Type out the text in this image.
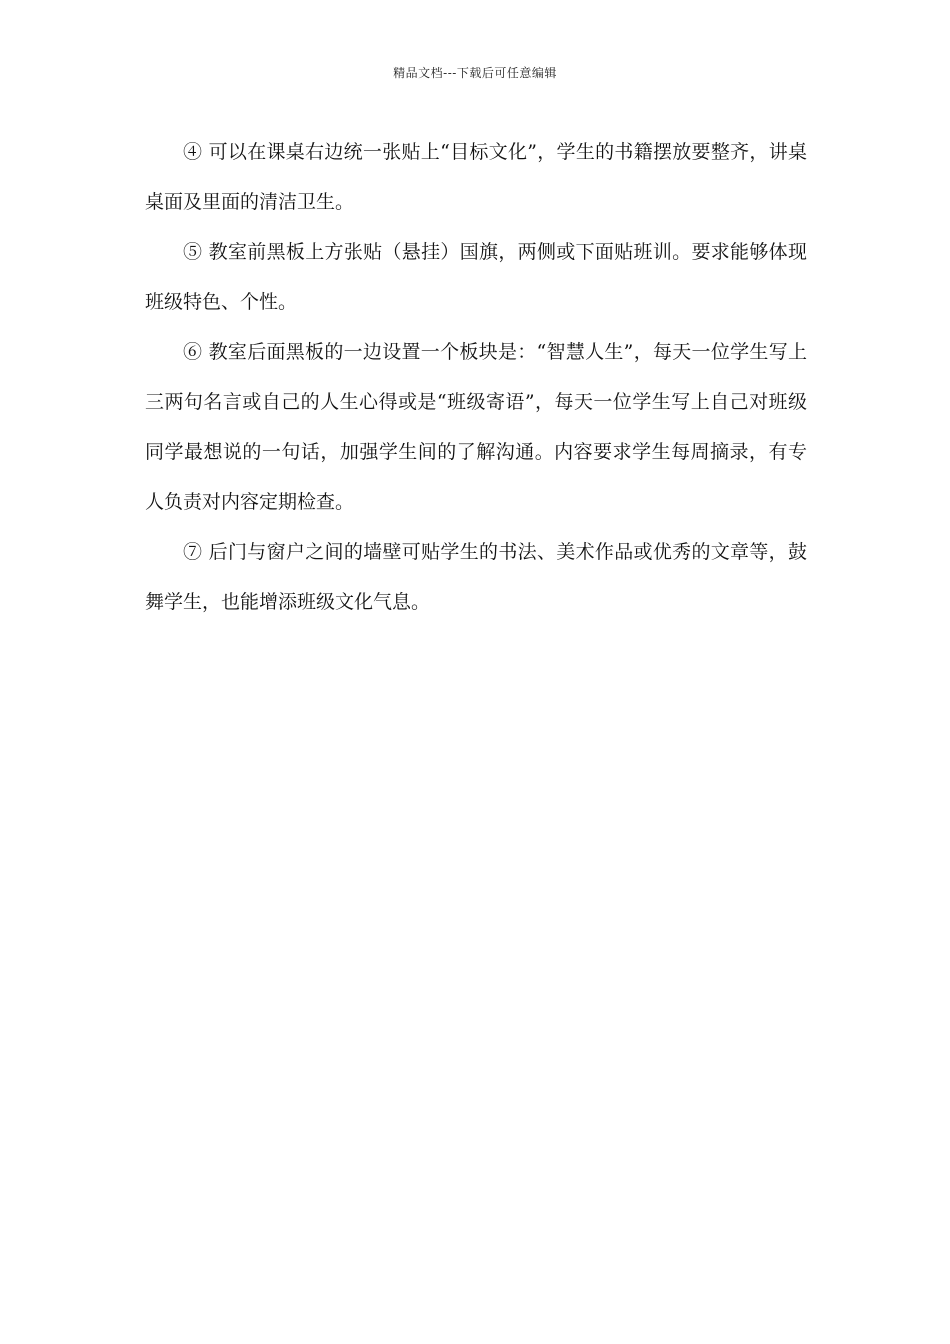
精品文档---下载后可任意编辑

④ 可以在课桌右边统一张贴上“目标文化”，学生的书籍摆放要整齐，讲桌桌面及里面的清洁卫生。

⑤ 教室前黑板上方张贴（悬挂）国旗，两侧或下面贴班训。要求能够体现班级特色、个性。

⑥ 教室后面黑板的一边设置一个板块是：“智慧人生”，每天一位学生写上三两句名言或自己的人生心得或是“班级寄语”，每天一位学生写上自己对班级同学最想说的一句话，加强学生间的了解沟通。内容要求学生每周摘录，有专人负责对内容定期检查。

⑦ 后门与窗户之间的墙壁可贴学生的书法、美术作品或优秀的文章等，鼓舞学生，也能增添班级文化气息。
